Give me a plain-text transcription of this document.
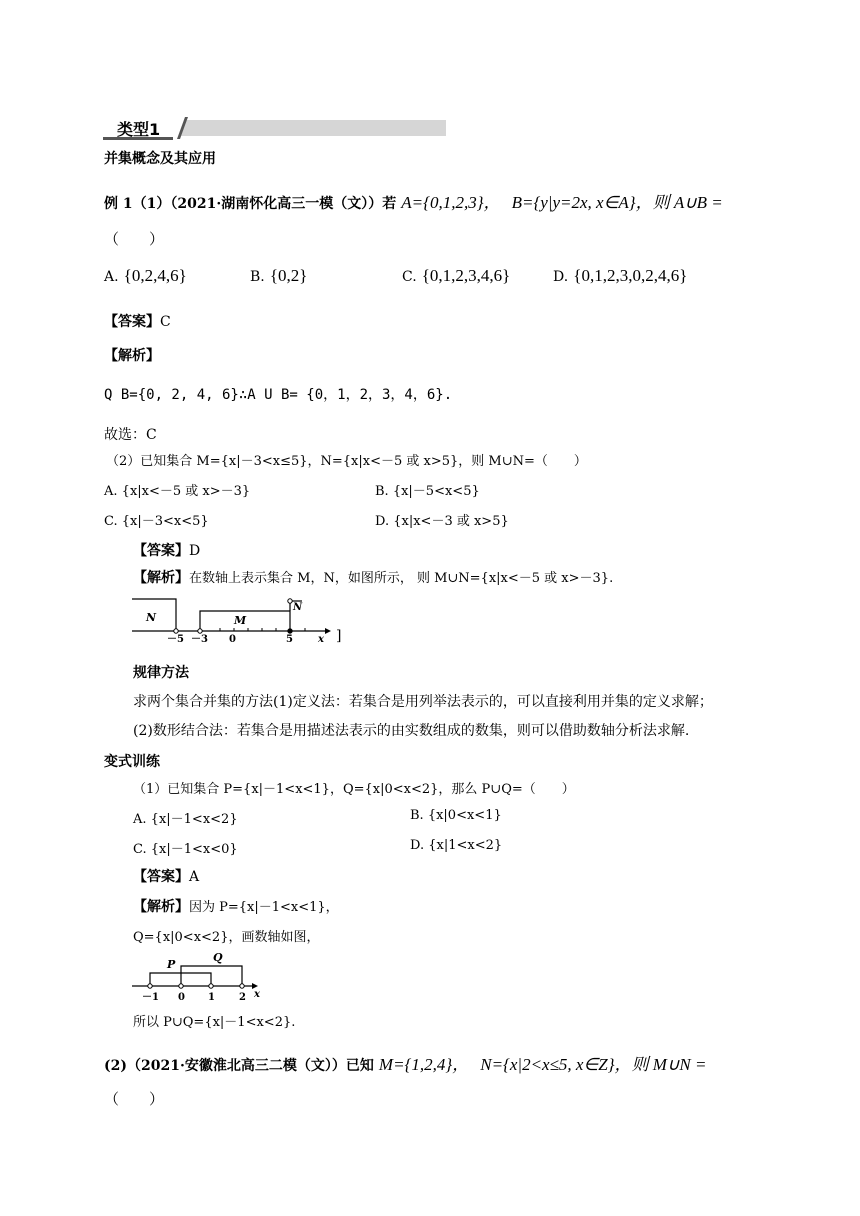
类型1
并集概念及其应用
例 1（1）（2021·湖南怀化高三一模（文））若 A={0,1,2,3}， B={y|y=2x, x∈A}，则 A∪B =
（　　）
A. {0,2,4,6}	B. {0,2}	C. {0,1,2,3,4,6}	D. {0,1,2,3,0,2,4,6}
【答案】C
【解析】
Q B={0, 2, 4, 6}∴A U B= {0，1，2，3，4，6}.
故选：C
（2）已知集合 M={x|－3<x≤5}，N={x|x<－5 或 x>5}，则 M∪N=（　　）
A. {x|x<－5 或 x>－3}	B. {x|－5<x<5}
C. {x|－3<x<5}	D. {x|x<－3 或 x>5}
【答案】D
【解析】在数轴上表示集合 M，N，如图所示， 则 M∪N={x|x<－5 或 x>－3}.
N	M
N
－5 －3 0	5	x ]
规律方法
求两个集合并集的方法(1)定义法：若集合是用列举法表示的，可以直接利用并集的定义求解；
(2)数形结合法：若集合是用描述法表示的由实数组成的数集，则可以借助数轴分析法求解.
变式训练
（1）已知集合 P={x|－1<x<1}，Q={x|0<x<2}，那么 P∪Q=（　　）
A. {x|－1<x<2}	B. {x|0<x<1}
C. {x|－1<x<0}	D. {x|1<x<2}
【答案】A
【解析】因为 P={x|－1<x<1}，
Q={x|0<x<2}，画数轴如图，
P
Q
－1 0 1 2 x
所以 P∪Q={x|－1<x<2}.
(2)（2021·安徽淮北高三二模（文））已知 M={1,2,4}， N={x|2<x≤5, x∈Z}，则 M∪N =
（　　）
